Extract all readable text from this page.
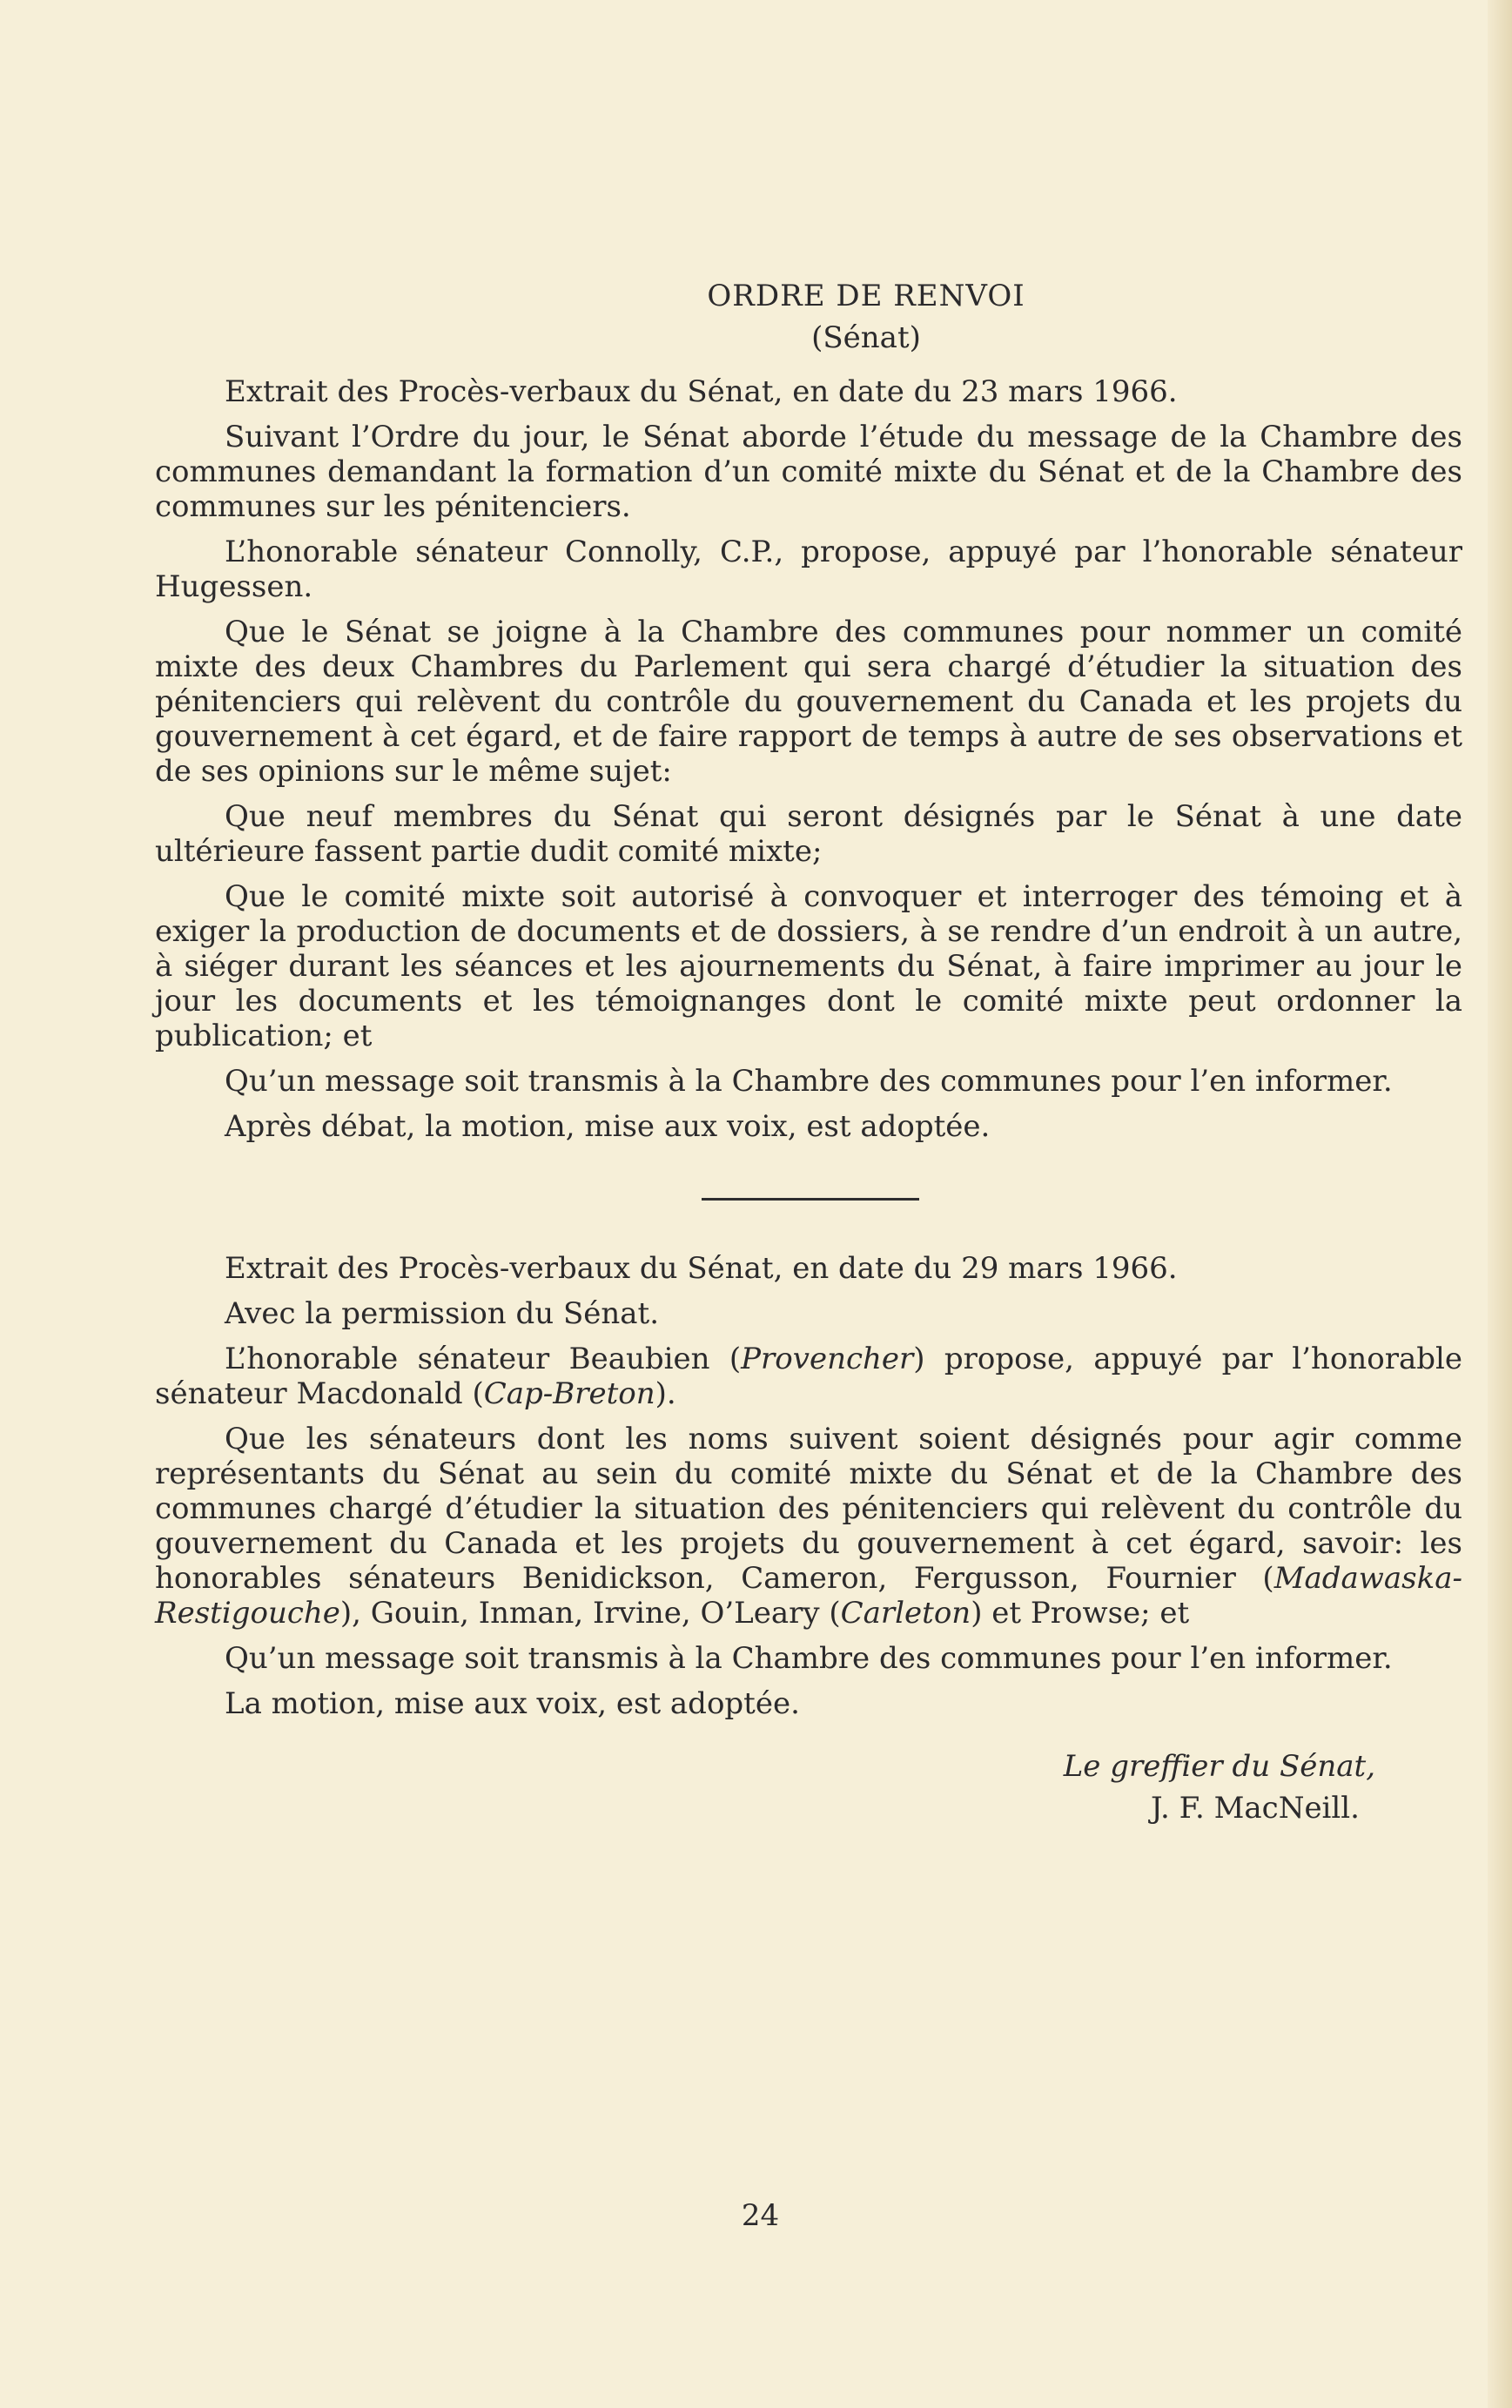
ORDRE DE RENVOI

(Sénat)

Extrait des Procès-verbaux du Sénat, en date du 23 mars 1966.

Suivant l’Ordre du jour, le Sénat aborde l’étude du message de la Chambre des communes demandant la formation d’un comité mixte du Sénat et de la Chambre des communes sur les pénitenciers.

L’honorable sénateur Connolly, C.P., propose, appuyé par l’honorable sénateur Hugessen.

Que le Sénat se joigne à la Chambre des communes pour nommer un comité mixte des deux Chambres du Parlement qui sera chargé d’étudier la situation des pénitenciers qui relèvent du contrôle du gouvernement du Canada et les projets du gouvernement à cet égard, et de faire rapport de temps à autre de ses observations et de ses opinions sur le même sujet:

Que neuf membres du Sénat qui seront désignés par le Sénat à une date ultérieure fassent partie dudit comité mixte;

Que le comité mixte soit autorisé à convoquer et interroger des témoing et à exiger la production de documents et de dossiers, à se rendre d’un endroit à un autre, à siéger durant les séances et les ajournements du Sénat, à faire imprimer au jour le jour les documents et les témoignanges dont le comité mixte peut ordonner la publication; et

Qu’un message soit transmis à la Chambre des communes pour l’en informer.

Après débat, la motion, mise aux voix, est adoptée.

Extrait des Procès-verbaux du Sénat, en date du 29 mars 1966.

Avec la permission du Sénat.

L’honorable sénateur Beaubien (Provencher) propose, appuyé par l’honorable sénateur Macdonald (Cap-Breton).

Que les sénateurs dont les noms suivent soient désignés pour agir comme représentants du Sénat au sein du comité mixte du Sénat et de la Chambre des communes chargé d’étudier la situation des pénitenciers qui relèvent du contrôle du gouvernement du Canada et les projets du gouvernement à cet égard, savoir: les honorables sénateurs Benidickson, Cameron, Fergusson, Fournier (Madawaska-Restigouche), Gouin, Inman, Irvine, O’Leary (Carleton) et Prowse; et

Qu’un message soit transmis à la Chambre des communes pour l’en informer.

La motion, mise aux voix, est adoptée.

Le greffier du Sénat,
J. F. MacNeill.
24
